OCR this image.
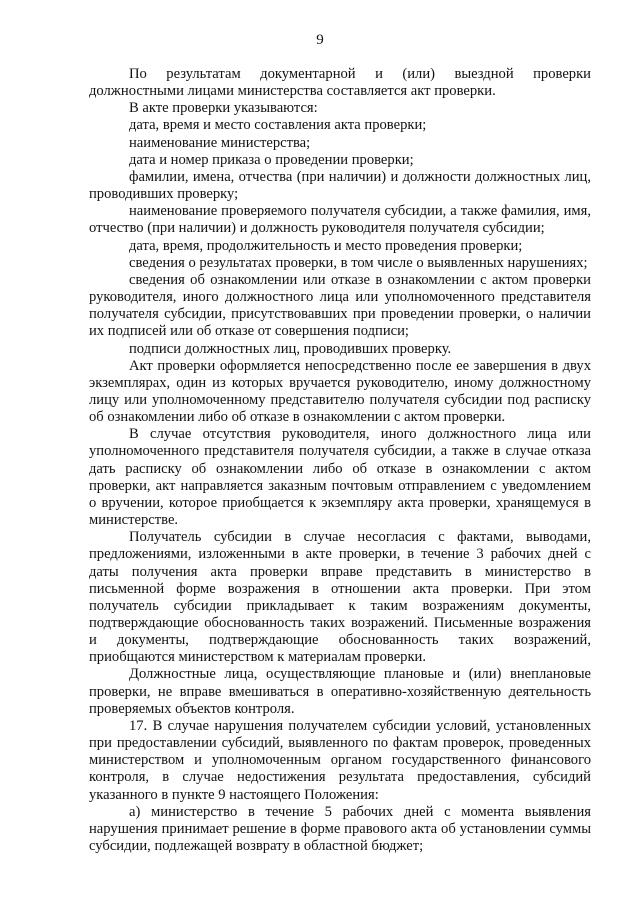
9

По результатам документарной и (или) выездной проверки должностными лицами министерства составляется акт проверки.

В акте проверки указываются:

дата, время и место составления акта проверки;

наименование министерства;

дата и номер приказа о проведении проверки;

фамилии, имена, отчества (при наличии) и должности должностных лиц, проводивших проверку;

наименование проверяемого получателя субсидии, а также фамилия, имя, отчество (при наличии) и должность руководителя получателя субсидии;

дата, время, продолжительность и место проведения проверки;

сведения о результатах проверки, в том числе о выявленных нарушениях;

сведения об ознакомлении или отказе в ознакомлении с актом проверки руководителя, иного должностного лица или уполномоченного представителя получателя субсидии, присутствовавших при проведении проверки, о наличии их подписей или об отказе от совершения подписи;

подписи должностных лиц, проводивших проверку.

Акт проверки оформляется непосредственно после ее завершения в двух экземплярах, один из которых вручается руководителю, иному должностному лицу или уполномоченному представителю получателя субсидии под расписку об ознакомлении либо об отказе в ознакомлении с актом проверки.

В случае отсутствия руководителя, иного должностного лица или уполномоченного представителя получателя субсидии, а также в случае отказа дать расписку об ознакомлении либо об отказе в ознакомлении с актом проверки, акт направляется заказным почтовым отправлением с уведомлением о вручении, которое приобщается к экземпляру акта проверки, хранящемуся в министерстве.

Получатель субсидии в случае несогласия с фактами, выводами, предложениями, изложенными в акте проверки, в течение 3 рабочих дней с даты получения акта проверки вправе представить в министерство в письменной форме возражения в отношении акта проверки. При этом получатель субсидии прикладывает к таким возражениям документы, подтверждающие обоснованность таких возражений. Письменные возражения и документы, подтверждающие обоснованность таких возражений, приобщаются министерством к материалам проверки.

Должностные лица, осуществляющие плановые и (или) внеплановые проверки, не вправе вмешиваться в оперативно-хозяйственную деятельность проверяемых объектов контроля.

17. В случае нарушения получателем субсидии условий, установленных при предоставлении субсидий, выявленного по фактам проверок, проведенных министерством и уполномоченным органом государственного финансового контроля, в случае недостижения результата предоставления, субсидий указанного в пункте 9 настоящего Положения:

а) министерство в течение 5 рабочих дней с момента выявления нарушения принимает решение в форме правового акта об установлении суммы субсидии, подлежащей возврату в областной бюджет;
